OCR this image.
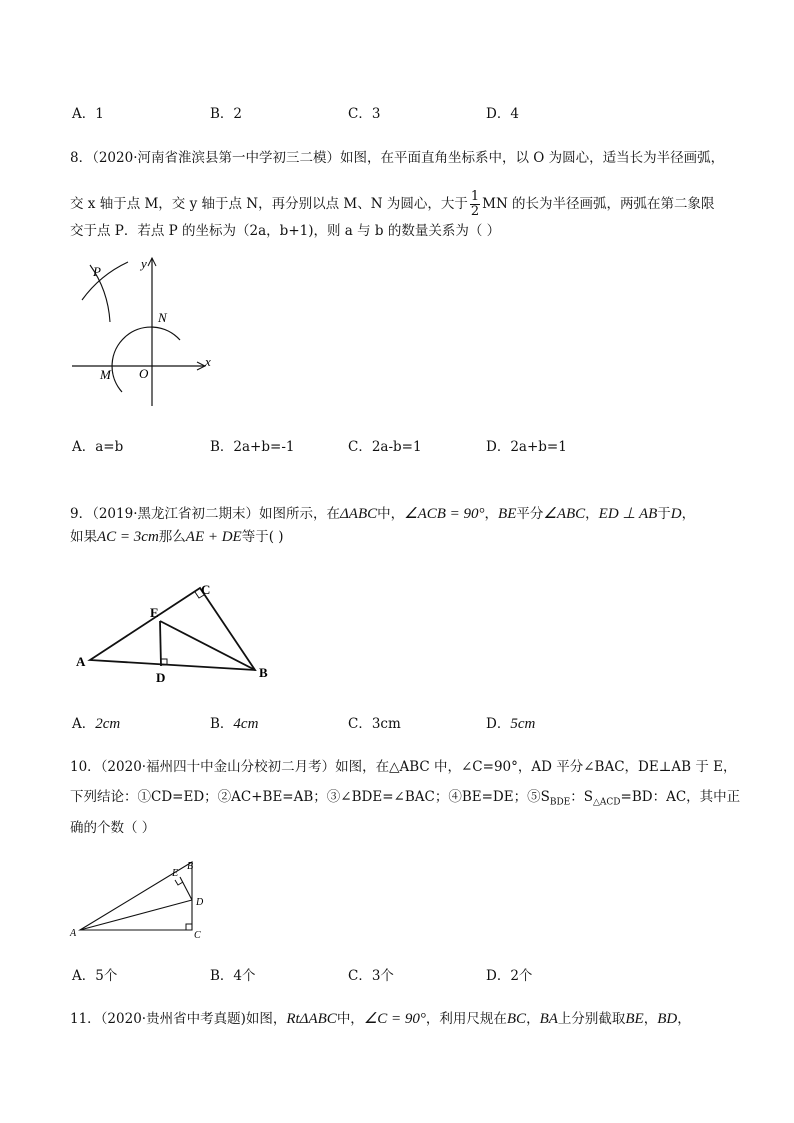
A．1	B．2	C．3	D．4
8．（2020·河南省淮滨县第一中学初三二模）如图，在平面直角坐标系中，以 O 为圆心，适当长为半径画弧，
交 x 轴于点 M，交 y 轴于点 N，再分别以点 M、N 为圆心，大于 $\frac{1}{2}$ MN 的长为半径画弧，两弧在第二象限
交于点 P．若点 P 的坐标为（2a，b+1)，则 a 与 b 的数量关系为（ ）
y
P
N
x
M O
A．a=b	B．2a+b=-1	C．2a-b=1	D．2a+b=1
9．（2019·黑龙江省初二期末）如图所示，在ΔABC中，∠ACB = 90°，BE平分∠ABC，ED ⊥ AB于D，
如果AC = 3cm那么AE + DE等于( )
A
B
C
D
E
A．2cm	B．4cm	C．3cm	D．5cm
10．（2020·福州四十中金山分校初二月考）如图，在△ABC 中，∠C=90°，AD 平分∠BAC，DE⊥AB 于 E，
下列结论：①CD=ED；②AC+BE=AB；③∠BDE=∠BAC；④BE=DE；$⑤S_{BDE}$：$S_{\triangle ACD}=BD$：AC，其中正
确的个数（ ）
A
B
C
D
E
A．5个	B．4个	C．3个	D．2个
11．（2020·贵州省中考真题)如图，RtΔABC中，∠C = 90°，利用尺规在BC，BA上分别截取BE，BD，
